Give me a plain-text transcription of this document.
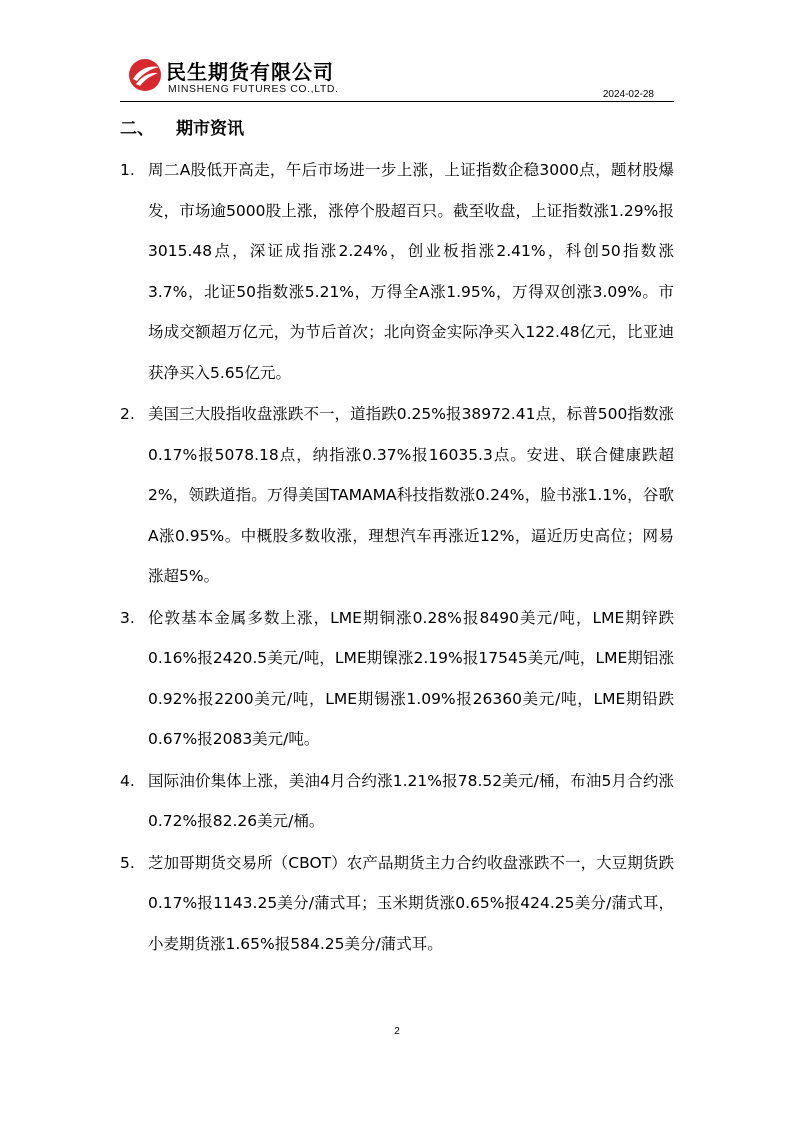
民生期货有限公司
MINSHENG FUTURES CO.,LTD.	2024-02-28
二、 期市资讯
1. 周二A股低开高走，午后市场进一步上涨，上证指数企稳3000点，题材股爆发，市场逾5000股上涨，涨停个股超百只。截至收盘，上证指数涨1.29%报3015.48点，深证成指涨2.24%，创业板指涨2.41%，科创50指数涨3.7%，北证50指数涨5.21%，万得全A涨1.95%，万得双创涨3.09%。市场成交额超万亿元，为节后首次；北向资金实际净买入122.48亿元，比亚迪获净买入5.65亿元。
2. 美国三大股指收盘涨跌不一，道指跌0.25%报38972.41点，标普500指数涨0.17%报5078.18点，纳指涨0.37%报16035.3点。安进、联合健康跌超2%，领跌道指。万得美国TAMAMA科技指数涨0.24%，脸书涨1.1%，谷歌A涨0.95%。中概股多数收涨，理想汽车再涨近12%，逼近历史高位；网易涨超5%。
3. 伦敦基本金属多数上涨，LME期铜涨0.28%报8490美元/吨，LME期锌跌0.16%报2420.5美元/吨，LME期镍涨2.19%报17545美元/吨，LME期铝涨0.92%报2200美元/吨，LME期锡涨1.09%报26360美元/吨，LME期铅跌0.67%报2083美元/吨。
4. 国际油价集体上涨，美油4月合约涨1.21%报78.52美元/桶，布油5月合约涨0.72%报82.26美元/桶。
5. 芝加哥期货交易所（CBOT）农产品期货主力合约收盘涨跌不一，大豆期货跌0.17%报1143.25美分/蒲式耳；玉米期货涨0.65%报424.25美分/蒲式耳，小麦期货涨1.65%报584.25美分/蒲式耳。
2
